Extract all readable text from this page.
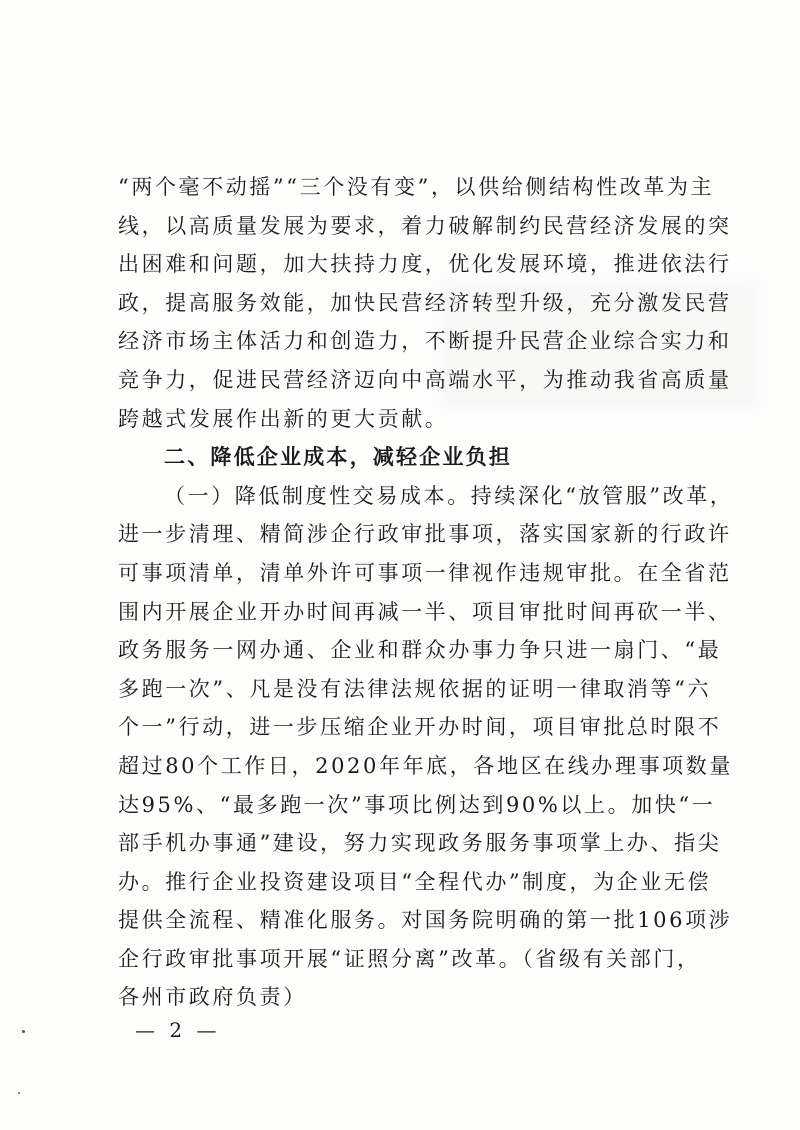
“两个毫不动摇”“三个没有变”，以供给侧结构性改革为主
线，以高质量发展为要求，着力破解制约民营经济发展的突
出困难和问题，加大扶持力度，优化发展环境，推进依法行
政，提高服务效能，加快民营经济转型升级，充分激发民营
经济市场主体活力和创造力，不断提升民营企业综合实力和
竞争力，促进民营经济迈向中高端水平，为推动我省高质量
跨越式发展作出新的更大贡献。
二、降低企业成本，减轻企业负担
（一）降低制度性交易成本。持续深化“放管服”改革，
进一步清理、精简涉企行政审批事项，落实国家新的行政许
可事项清单，清单外许可事项一律视作违规审批。在全省范
围内开展企业开办时间再减一半、项目审批时间再砍一半、
政务服务一网办通、企业和群众办事力争只进一扇门、“最
多跑一次”、凡是没有法律法规依据的证明一律取消等“六
个一”行动，进一步压缩企业开办时间，项目审批总时限不
超过80个工作日，2020年年底，各地区在线办理事项数量
达95%、“最多跑一次”事项比例达到90%以上。加快“一
部手机办事通”建设，努力实现政务服务事项掌上办、指尖
办。推行企业投资建设项目“全程代办”制度，为企业无偿
提供全流程、精准化服务。对国务院明确的第一批106项涉
企行政审批事项开展“证照分离”改革。（省级有关部门，
各州市政府负责）
— 2 —
